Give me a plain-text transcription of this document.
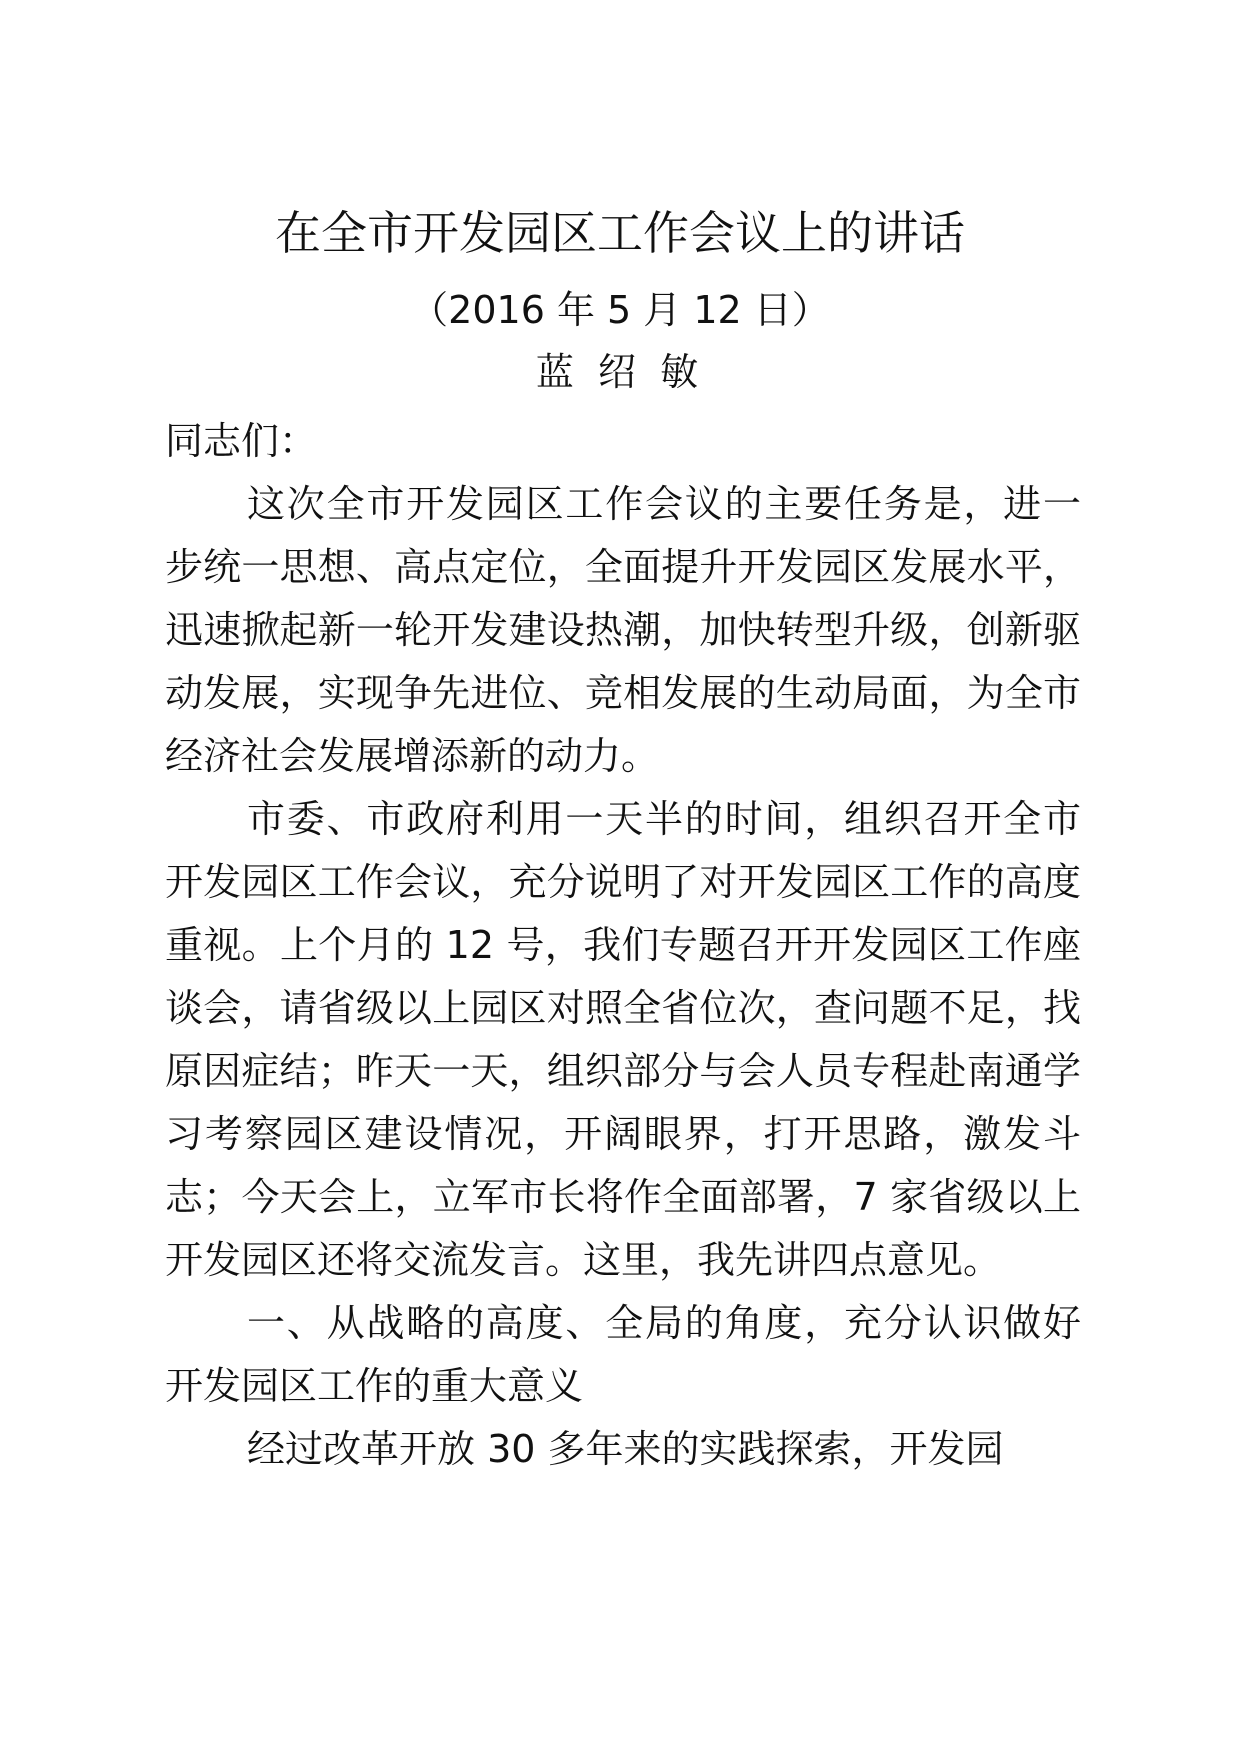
在全市开发园区工作会议上的讲话
（2016 年 5 月 12 日）
蓝 绍 敏

同志们：

这次全市开发园区工作会议的主要任务是，进一步统一思想、高点定位，全面提升开发园区发展水平，迅速掀起新一轮开发建设热潮，加快转型升级，创新驱动发展，实现争先进位、竞相发展的生动局面，为全市经济社会发展增添新的动力。

市委、市政府利用一天半的时间，组织召开全市开发园区工作会议，充分说明了对开发园区工作的高度重视。上个月的 12 号，我们专题召开开发园区工作座谈会，请省级以上园区对照全省位次，查问题不足，找原因症结；昨天一天，组织部分与会人员专程赴南通学习考察园区建设情况，开阔眼界，打开思路，激发斗志；今天会上，立军市长将作全面部署，7 家省级以上开发园区还将交流发言。这里，我先讲四点意见。

一、从战略的高度、全局的角度，充分认识做好开发园区工作的重大意义

经过改革开放 30 多年来的实践探索，开发园
